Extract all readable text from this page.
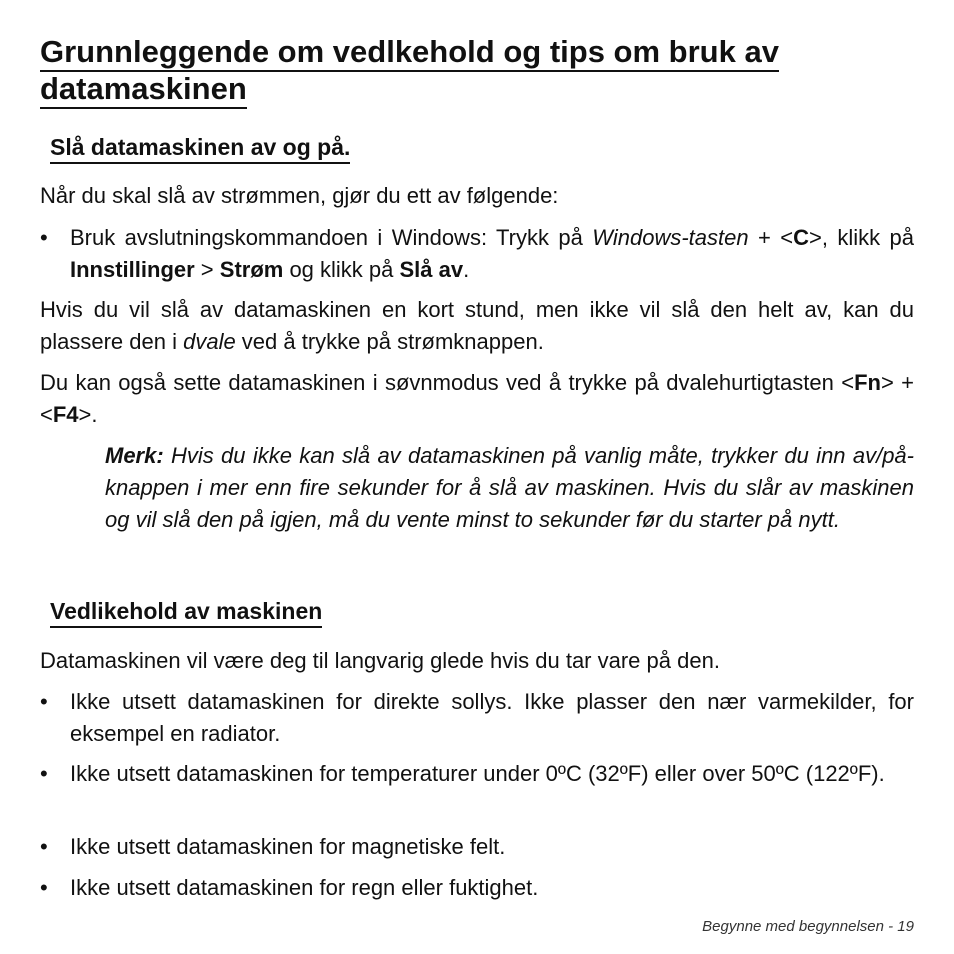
Grunnleggende om vedlkehold og tips om bruk av
datamaskinen
Slå datamaskinen av og på.

Når du skal slå av strømmen, gjør du ett av følgende:

•	Bruk avslutningskommandoen i Windows: Trykk på Windows-tasten + <C>, klikk på Innstillinger > Strøm og klikk på Slå av.

Hvis du vil slå av datamaskinen en kort stund, men ikke vil slå den helt av, kan du plassere den i dvale ved å trykke på strømknappen.

Du kan også sette datamaskinen i søvnmodus ved å trykke på dvalehurtigtasten <Fn> + <F4>.

Merk: Hvis du ikke kan slå av datamaskinen på vanlig måte, trykker du inn av/på-knappen i mer enn fire sekunder for å slå av maskinen. Hvis du slår av maskinen og vil slå den på igjen, må du vente minst to sekunder før du starter på nytt.
Vedlikehold av maskinen

Datamaskinen vil være deg til langvarig glede hvis du tar vare på den.

•	Ikke utsett datamaskinen for direkte sollys. Ikke plasser den nær varmekilder, for eksempel en radiator.
•	Ikke utsett datamaskinen for temperaturer under 0ºC (32ºF) eller over 50ºC (122ºF).
•	Ikke utsett datamaskinen for magnetiske felt.
•	Ikke utsett datamaskinen for regn eller fuktighet.
Begynne med begynnelsen - 19
